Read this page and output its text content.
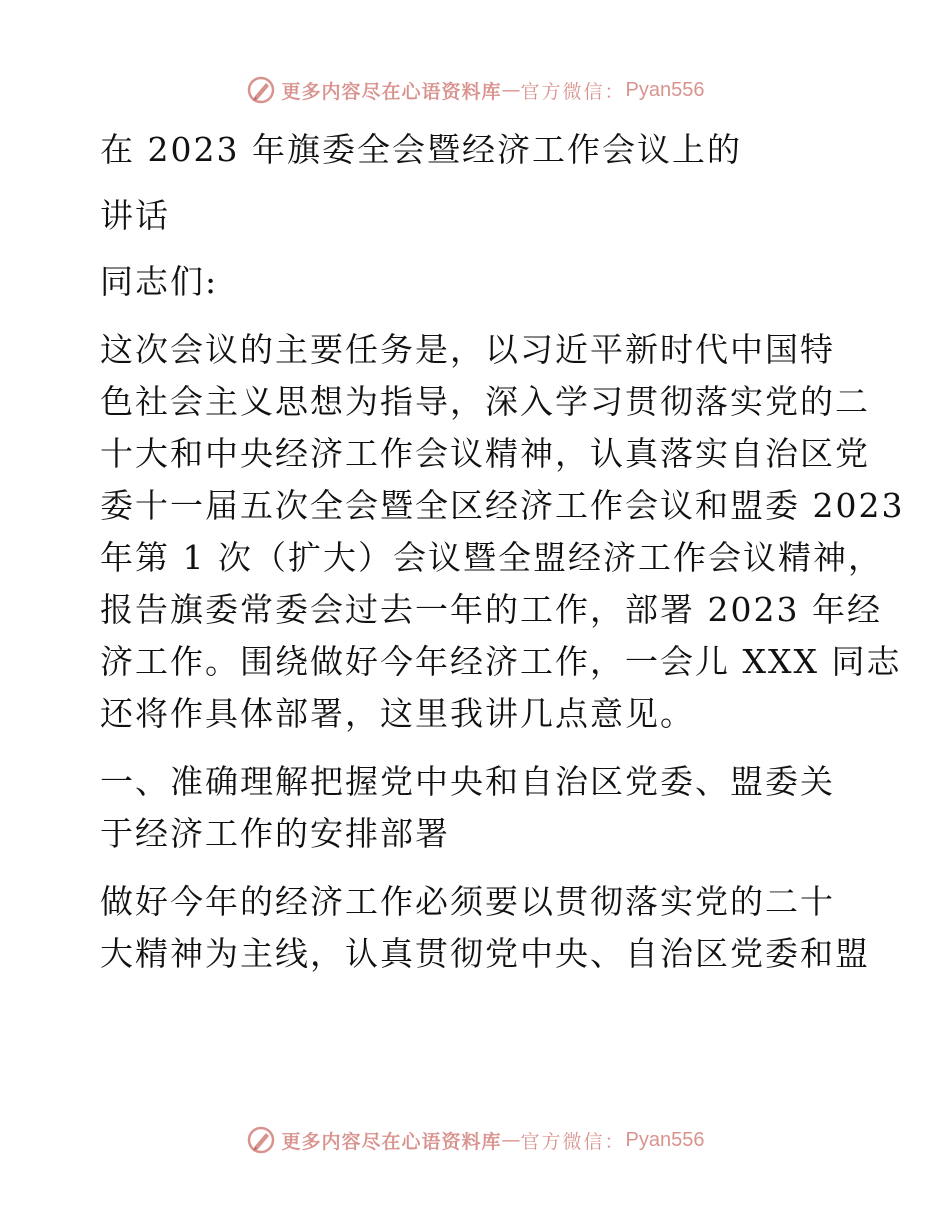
更多内容尽在心语资料库 — 官方微信： Pyan556
在 2023 年旗委全会暨经济工作会议上的
讲话
同志们:
这次会议的主要任务是，以习近平新时代中国特
色社会主义思想为指导，深入学习贯彻落实党的二
十大和中央经济工作会议精神，认真落实自治区党
委十一届五次全会暨全区经济工作会议和盟委 2023
年第 1 次（扩大）会议暨全盟经济工作会议精神，
报告旗委常委会过去一年的工作，部署 2023 年经
济工作。围绕做好今年经济工作，一会儿 XXX 同志
还将作具体部署，这里我讲几点意见。
一、准确理解把握党中央和自治区党委、盟委关
于经济工作的安排部署
做好今年的经济工作必须要以贯彻落实党的二十
大精神为主线，认真贯彻党中央、自治区党委和盟
更多内容尽在心语资料库 — 官方微信： Pyan556
